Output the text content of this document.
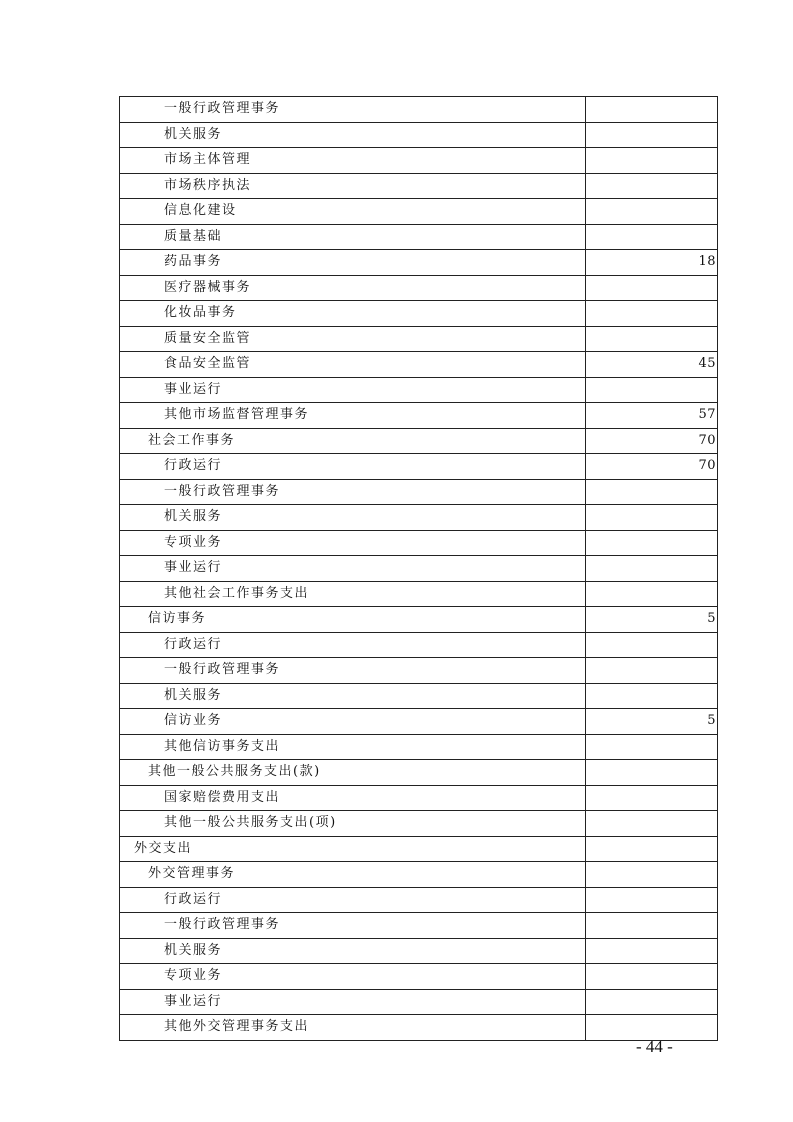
一般行政管理事务	
机关服务	
市场主体管理	
市场秩序执法	
信息化建设	
质量基础	
药品事务	18
医疗器械事务	
化妆品事务	
质量安全监管	
食品安全监管	45
事业运行	
其他市场监督管理事务	57
社会工作事务	70
行政运行	70
一般行政管理事务	
机关服务	
专项业务	
事业运行	
其他社会工作事务支出	
信访事务	5
行政运行	
一般行政管理事务	
机关服务	
信访业务	5
其他信访事务支出	
其他一般公共服务支出(款)	
国家赔偿费用支出	
其他一般公共服务支出(项)	
外交支出	
外交管理事务	
行政运行	
一般行政管理事务	
机关服务	
专项业务	
事业运行	
其他外交管理事务支出	
- 44 -
